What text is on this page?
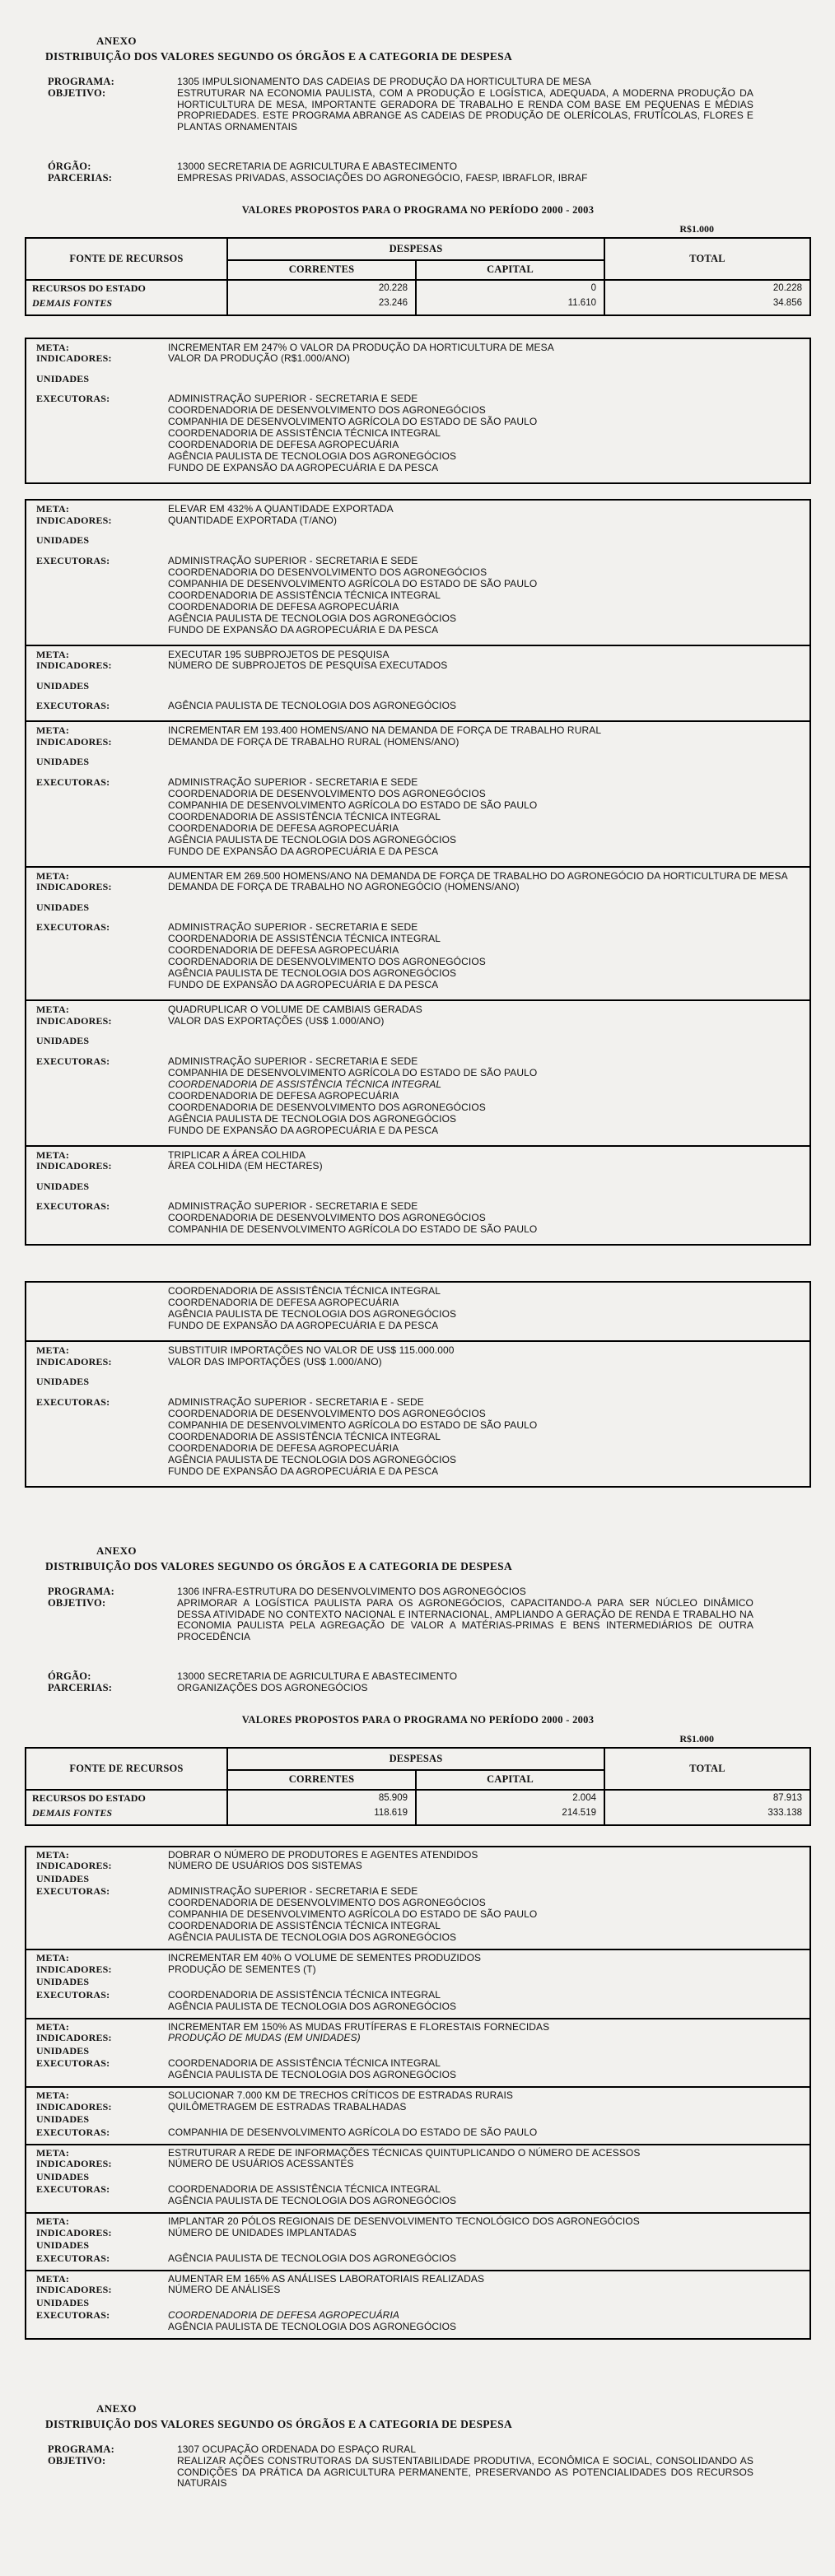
ANEXO
DISTRIBUIÇÃO DOS VALORES SEGUNDO OS ÓRGÃOS E A CATEGORIA DE DESPESA
PROGRAMA:	1305 IMPULSIONAMENTO DAS CADEIAS DE PRODUÇÃO DA HORTICULTURA DE MESA
OBJETIVO:	ESTRUTURAR NA ECONOMIA PAULISTA, COM A PRODUÇÃO E LOGÍSTICA, ADEQUADA, A MODERNA PRODUÇÃO DA HORTICULTURA DE MESA, IMPORTANTE GERADORA DE TRABALHO E RENDA COM BASE EM PEQUENAS E MÉDIAS PROPRIEDADES. ESTE PROGRAMA ABRANGE AS CADEIAS DE PRODUÇÃO DE OLERÍCOLAS, FRUTÍCOLAS, FLORES E PLANTAS ORNAMENTAIS
ÓRGÃO:	13000 SECRETARIA DE AGRICULTURA E ABASTECIMENTO
PARCERIAS:	EMPRESAS PRIVADAS, ASSOCIAÇÕES DO AGRONEGÓCIO, FAESP, IBRAFLOR, IBRAF
VALORES PROPOSTOS PARA O PROGRAMA NO PERÍODO 2000 - 2003
R$1.000
FONTE DE RECURSOS	DESPESAS		TOTAL
	CORRENTES	CAPITAL	
RECURSOS DO ESTADO	20.228	0	20.228
DEMAIS FONTES	23.246	11.610	34.856
META:	INCREMENTAR EM 247% O VALOR DA PRODUÇÃO DA HORTICULTURA DE MESA
INDICADORES:	VALOR DA PRODUÇÃO (R$1.000/ANO)
UNIDADES
EXECUTORAS:	ADMINISTRAÇÃO SUPERIOR - SECRETARIA E SEDE
COORDENADORIA DE DESENVOLVIMENTO DOS AGRONEGÓCIOS
COMPANHIA DE DESENVOLVIMENTO AGRÍCOLA DO ESTADO DE SÃO PAULO
COORDENADORIA DE ASSISTÊNCIA TÉCNICA INTEGRAL
COORDENADORIA DE DEFESA AGROPECUÁRIA
AGÊNCIA PAULISTA DE TECNOLOGIA DOS AGRONEGÓCIOS
FUNDO DE EXPANSÃO DA AGROPECUÁRIA E DA PESCA
META:	ELEVAR EM 432% A QUANTIDADE EXPORTADA
INDICADORES:	QUANTIDADE EXPORTADA (T/ANO)
UNIDADES
EXECUTORAS:	ADMINISTRAÇÃO SUPERIOR - SECRETARIA E SEDE
COORDENADORIA DO DESENVOLVIMENTO DOS AGRONEGÓCIOS
COMPANHIA DE DESENVOLVIMENTO AGRÍCOLA DO ESTADO DE SÃO PAULO
COORDENADORIA DE ASSISTÊNCIA TÉCNICA INTEGRAL
COORDENADORIA DE DEFESA AGROPECUÁRIA
AGÊNCIA PAULISTA DE TECNOLOGIA DOS AGRONEGÓCIOS
FUNDO DE EXPANSÃO DA AGROPECUÁRIA E DA PESCA
META:	EXECUTAR 195 SUBPROJETOS DE PESQUISA
INDICADORES:	NÚMERO DE SUBPROJETOS DE PESQUISA EXECUTADOS
UNIDADES
EXECUTORAS:	AGÊNCIA PAULISTA DE TECNOLOGIA DOS AGRONEGÓCIOS
META:	INCREMENTAR EM 193.400 HOMENS/ANO NA DEMANDA DE FORÇA DE TRABALHO RURAL
INDICADORES:	DEMANDA DE FORÇA DE TRABALHO RURAL (HOMENS/ANO)
UNIDADES
EXECUTORAS:	ADMINISTRAÇÃO SUPERIOR - SECRETARIA E SEDE
COORDENADORIA DE DESENVOLVIMENTO DOS AGRONEGÓCIOS
COMPANHIA DE DESENVOLVIMENTO AGRÍCOLA DO ESTADO DE SÃO PAULO
COORDENADORIA DE ASSISTÊNCIA TÉCNICA INTEGRAL
COORDENADORIA DE DEFESA AGROPECUÁRIA
AGÊNCIA PAULISTA DE TECNOLOGIA DOS AGRONEGÓCIOS
FUNDO DE EXPANSÃO DA AGROPECUÁRIA E DA PESCA
META:	AUMENTAR EM 269.500 HOMENS/ANO NA DEMANDA DE FORÇA DE TRABALHO DO AGRONEGÓCIO DA HORTICULTURA DE MESA
INDICADORES:	DEMANDA DE FORÇA DE TRABALHO NO AGRONEGÓCIO (HOMENS/ANO)
UNIDADES
EXECUTORAS:	ADMINISTRAÇÃO SUPERIOR - SECRETARIA E SEDE
COORDENADORIA DE ASSISTÊNCIA TÉCNICA INTEGRAL
COORDENADORIA DE DEFESA AGROPECUÁRIA
COORDENADORIA DE DESENVOLVIMENTO DOS AGRONEGÓCIOS
AGÊNCIA PAULISTA DE TECNOLOGIA DOS AGRONEGÓCIOS
FUNDO DE EXPANSÃO DA AGROPECUÁRIA E DA PESCA
META:	QUADRUPLICAR O VOLUME DE CAMBIAIS GERADAS
INDICADORES:	VALOR DAS EXPORTAÇÕES (US$ 1.000/ANO)
UNIDADES
EXECUTORAS:	ADMINISTRAÇÃO SUPERIOR - SECRETARIA E SEDE
COMPANHIA DE DESENVOLVIMENTO AGRÍCOLA DO ESTADO DE SÃO PAULO
COORDENADORIA DE ASSISTÊNCIA TÉCNICA INTEGRAL
COORDENADORIA DE DEFESA AGROPECUÁRIA
COORDENADORIA DE DESENVOLVIMENTO DOS AGRONEGÓCIOS
AGÊNCIA PAULISTA DE TECNOLOGIA DOS AGRONEGÓCIOS
FUNDO DE EXPANSÃO DA AGROPECUÁRIA E DA PESCA
META:	TRIPLICAR A ÁREA COLHIDA
INDICADORES:	ÁREA COLHIDA (EM HECTARES)
UNIDADES
EXECUTORAS:	ADMINISTRAÇÃO SUPERIOR - SECRETARIA E SEDE
COORDENADORIA DE DESENVOLVIMENTO DOS AGRONEGÓCIOS
COMPANHIA DE DESENVOLVIMENTO AGRÍCOLA DO ESTADO DE SÃO PAULO
COORDENADORIA DE ASSISTÊNCIA TÉCNICA INTEGRAL
COORDENADORIA DE DEFESA AGROPECUÁRIA
AGÊNCIA PAULISTA DE TECNOLOGIA DOS AGRONEGÓCIOS
FUNDO DE EXPANSÃO DA AGROPECUÁRIA E DA PESCA
META:	SUBSTITUIR IMPORTAÇÕES NO VALOR DE US$ 115.000.000
INDICADORES:	VALOR DAS IMPORTAÇÕES (US$ 1.000/ANO)
UNIDADES
EXECUTORAS:	ADMINISTRAÇÃO SUPERIOR - SECRETARIA E - SEDE
COORDENADORIA DE DESENVOLVIMENTO DOS AGRONEGÓCIOS
COMPANHIA DE DESENVOLVIMENTO AGRÍCOLA DO ESTADO DE SÃO PAULO
COORDENADORIA DE ASSISTÊNCIA TÉCNICA INTEGRAL
COORDENADORIA DE DEFESA AGROPECUÁRIA
AGÊNCIA PAULISTA DE TECNOLOGIA DOS AGRONEGÓCIOS
FUNDO DE EXPANSÃO DA AGROPECUÁRIA E DA PESCA
ANEXO
DISTRIBUIÇÃO DOS VALORES SEGUNDO OS ÓRGÃOS E A CATEGORIA DE DESPESA
PROGRAMA:	1306 INFRA-ESTRUTURA DO DESENVOLVIMENTO DOS AGRONEGÓCIOS
OBJETIVO:	APRIMORAR A LOGÍSTICA PAULISTA PARA OS AGRONEGÓCIOS, CAPACITANDO-A PARA SER NÚCLEO DINÂMICO DESSA ATIVIDADE NO CONTEXTO NACIONAL E INTERNACIONAL, AMPLIANDO A GERAÇÃO DE RENDA E TRABALHO NA ECONOMIA PAULISTA PELA AGREGAÇÃO DE VALOR A MATÉRIAS-PRIMAS E BENS INTERMEDIÁRIOS DE OUTRA PROCEDÊNCIA
ÓRGÃO:	13000 SECRETARIA DE AGRICULTURA E ABASTECIMENTO
PARCERIAS:	ORGANIZAÇÕES DOS AGRONEGÓCIOS
VALORES PROPOSTOS PARA O PROGRAMA NO PERÍODO 2000 - 2003
R$1.000
FONTE DE RECURSOS	DESPESAS		TOTAL
	CORRENTES	CAPITAL	
RECURSOS DO ESTADO	85.909	2.004	87.913
DEMAIS FONTES	118.619	214.519	333.138
META:	DOBRAR O NÚMERO DE PRODUTORES E AGENTES ATENDIDOS
INDICADORES:	NÚMERO DE USUÁRIOS DOS SISTEMAS
UNIDADES
EXECUTORAS:	ADMINISTRAÇÃO SUPERIOR - SECRETARIA E SEDE
COORDENADORIA DE DESENVOLVIMENTO DOS AGRONEGÓCIOS
COMPANHIA DE DESENVOLVIMENTO AGRÍCOLA DO ESTADO DE SÃO PAULO
COORDENADORIA DE ASSISTÊNCIA TÉCNICA INTEGRAL
AGÊNCIA PAULISTA DE TECNOLOGIA DOS AGRONEGÓCIOS
META:	INCREMENTAR EM 40% O VOLUME DE SEMENTES PRODUZIDOS
INDICADORES:	PRODUÇÃO DE SEMENTES (T)
UNIDADES
EXECUTORAS:	COORDENADORIA DE ASSISTÊNCIA TÉCNICA INTEGRAL
AGÊNCIA PAULISTA DE TECNOLOGIA DOS AGRONEGÓCIOS
META:	INCREMENTAR EM 150% AS MUDAS FRUTÍFERAS E FLORESTAIS FORNECIDAS
INDICADORES:	PRODUÇÃO DE MUDAS (EM UNIDADES)
UNIDADES
EXECUTORAS:	COORDENADORIA DE ASSISTÊNCIA TÉCNICA INTEGRAL
AGÊNCIA PAULISTA DE TECNOLOGIA DOS AGRONEGÓCIOS
META:	SOLUCIONAR 7.000 KM DE TRECHOS CRÍTICOS DE ESTRADAS RURAIS
INDICADORES:	QUILÔMETRAGEM DE ESTRADAS TRABALHADAS
UNIDADES
EXECUTORAS:	COMPANHIA DE DESENVOLVIMENTO AGRÍCOLA DO ESTADO DE SÃO PAULO
META:	ESTRUTURAR A REDE DE INFORMAÇÕES TÉCNICAS QUINTUPLICANDO O NÚMERO DE ACESSOS
INDICADORES:	NÚMERO DE USUÁRIOS ACESSANTES
UNIDADES
EXECUTORAS:	COORDENADORIA DE ASSISTÊNCIA TÉCNICA INTEGRAL
AGÊNCIA PAULISTA DE TECNOLOGIA DOS AGRONEGÓCIOS
META:	IMPLANTAR 20 PÓLOS REGIONAIS DE DESENVOLVIMENTO TECNOLÓGICO DOS AGRONEGÓCIOS
INDICADORES:	NÚMERO DE UNIDADES IMPLANTADAS
UNIDADES
EXECUTORAS:	AGÊNCIA PAULISTA DE TECNOLOGIA DOS AGRONEGÓCIOS
META:	AUMENTAR EM 165% AS ANÁLISES LABORATORIAIS REALIZADAS
INDICADORES:	NÚMERO DE ANÁLISES
UNIDADES
EXECUTORAS:	COORDENADORIA DE DEFESA AGROPECUÁRIA
AGÊNCIA PAULISTA DE TECNOLOGIA DOS AGRONEGÓCIOS
ANEXO
DISTRIBUIÇÃO DOS VALORES SEGUNDO OS ÓRGÃOS E A CATEGORIA DE DESPESA
PROGRAMA:	1307 OCUPAÇÃO ORDENADA DO ESPAÇO RURAL
OBJETIVO:	REALIZAR AÇÕES CONSTRUTORAS DA SUSTENTABILIDADE PRODUTIVA, ECONÔMICA E SOCIAL, CONSOLIDANDO AS CONDIÇÕES DA PRÁTICA DA AGRICULTURA PERMANENTE, PRESERVANDO AS POTENCIALIDADES DOS RECURSOS NATURAIS
